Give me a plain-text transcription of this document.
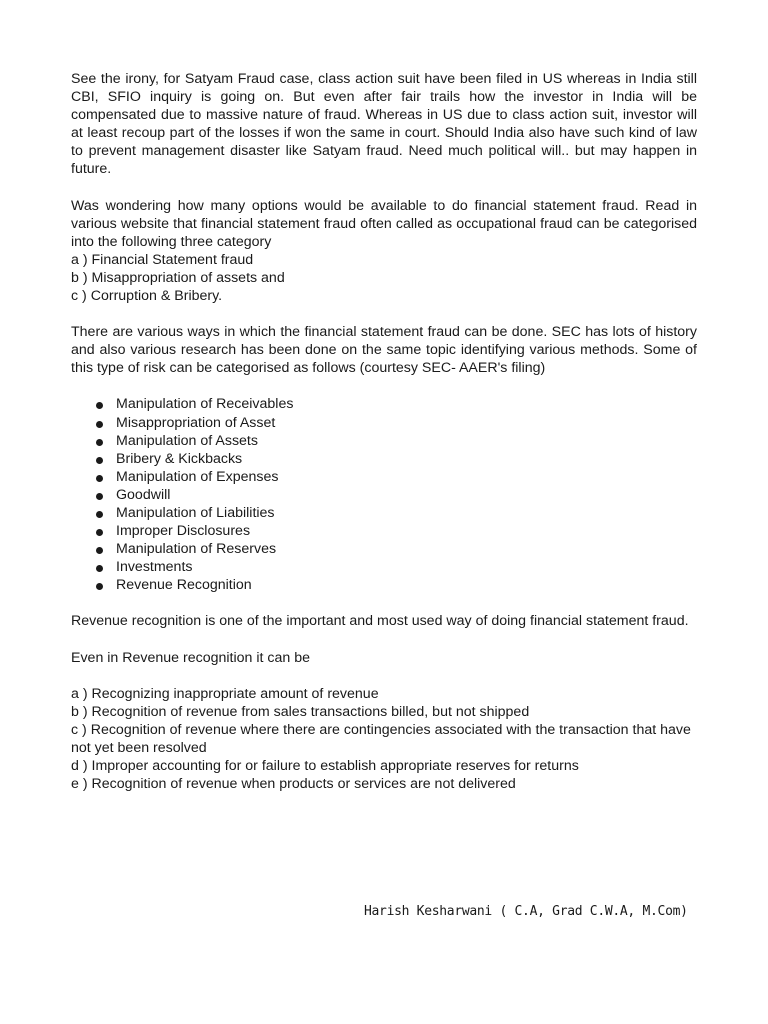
See the irony, for Satyam Fraud case, class action suit have been filed in US whereas in India still CBI, SFIO inquiry is going on. But even after fair trails how the investor in India will be compensated due to massive nature of fraud. Whereas in US due to class action suit, investor will at least recoup part of the losses if won the same in court. Should India also have such kind of law to prevent management disaster like Satyam fraud. Need much political will.. but may happen in future.

Was wondering how many options would be available to do financial statement fraud. Read in various website that financial statement fraud often called as occupational fraud can be categorised into the following three category

a ) Financial Statement fraud

b ) Misappropriation of assets and

c ) Corruption & Bribery.

There are various ways in which the financial statement fraud can be done. SEC has lots of history and also various research has been done on the same topic identifying various methods. Some of this type of risk can be categorised as follows (courtesy SEC- AAER's filing)

Manipulation of Receivables
Misappropriation of Asset
Manipulation of Assets
Bribery & Kickbacks
Manipulation of Expenses
Goodwill
Manipulation of Liabilities
Improper Disclosures
Manipulation of Reserves
Investments
Revenue Recognition

Revenue recognition is one of the important and most used way of doing financial statement fraud.

Even in Revenue recognition it can be

a ) Recognizing inappropriate amount of revenue

b ) Recognition of revenue from sales transactions billed, but not shipped

c ) Recognition of revenue where there are contingencies associated with the transaction that have not yet been resolved

d ) Improper accounting for or failure to establish appropriate reserves for returns

e ) Recognition of revenue when products or services are not delivered

Harish Kesharwani ( C.A, Grad C.W.A, M.Com)
